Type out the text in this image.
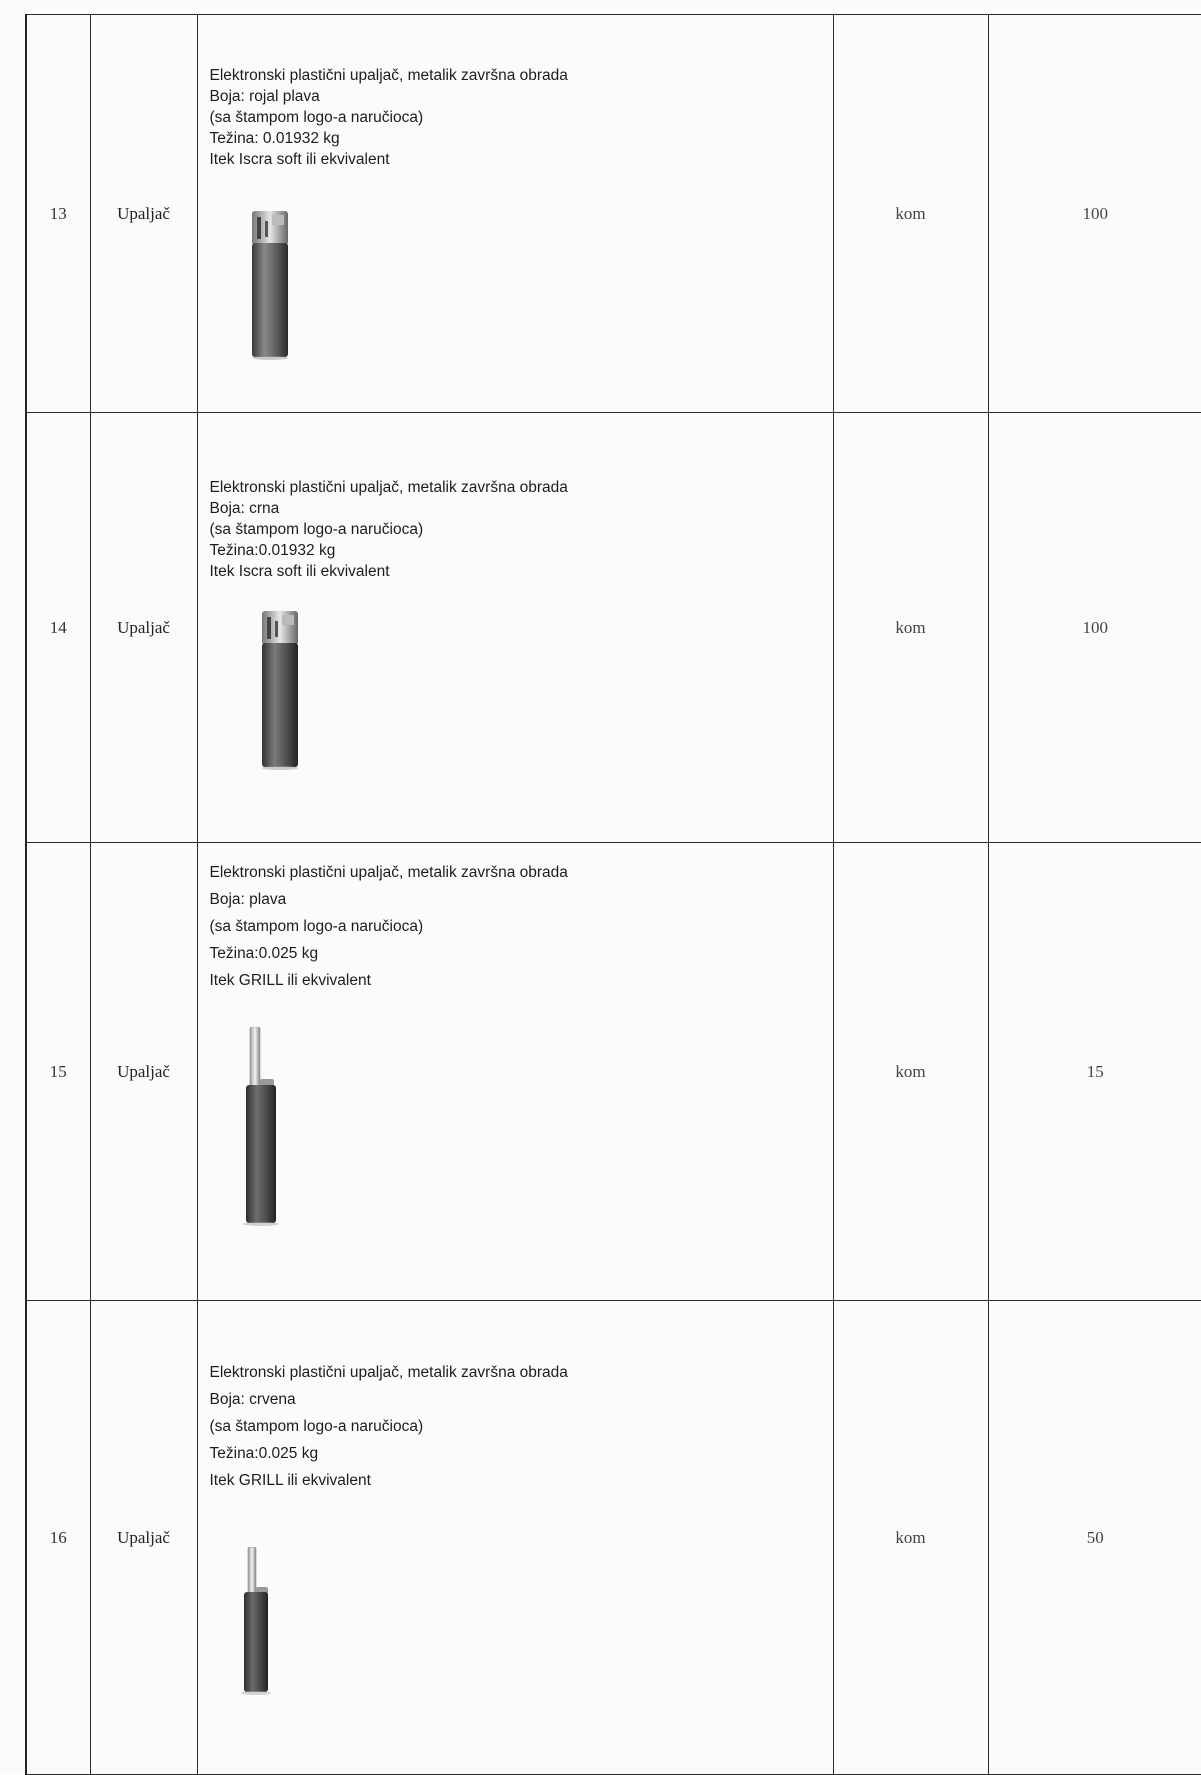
13	Upaljač	Elektronski plastični upaljač, metalik završna obrada
Boja: rojal plava
(sa štampom logo-a naručioca)
Težina: 0.01932 kg
Itek Iscra soft ili ekvivalent	kom	100
14	Upaljač	Elektronski plastični upaljač, metalik završna obrada
Boja: crna
(sa štampom logo-a naručioca)
Težina:0.01932 kg
Itek Iscra soft ili ekvivalent	kom	100
15	Upaljač	Elektronski plastični upaljač, metalik završna obrada
Boja: plava
(sa štampom logo-a naručioca)
Težina:0.025 kg
Itek GRILL ili ekvivalent	kom	15
16	Upaljač	Elektronski plastični upaljač, metalik završna obrada
Boja: crvena
(sa štampom logo-a naručioca)
Težina:0.025 kg
Itek GRILL ili ekvivalent	kom	50
